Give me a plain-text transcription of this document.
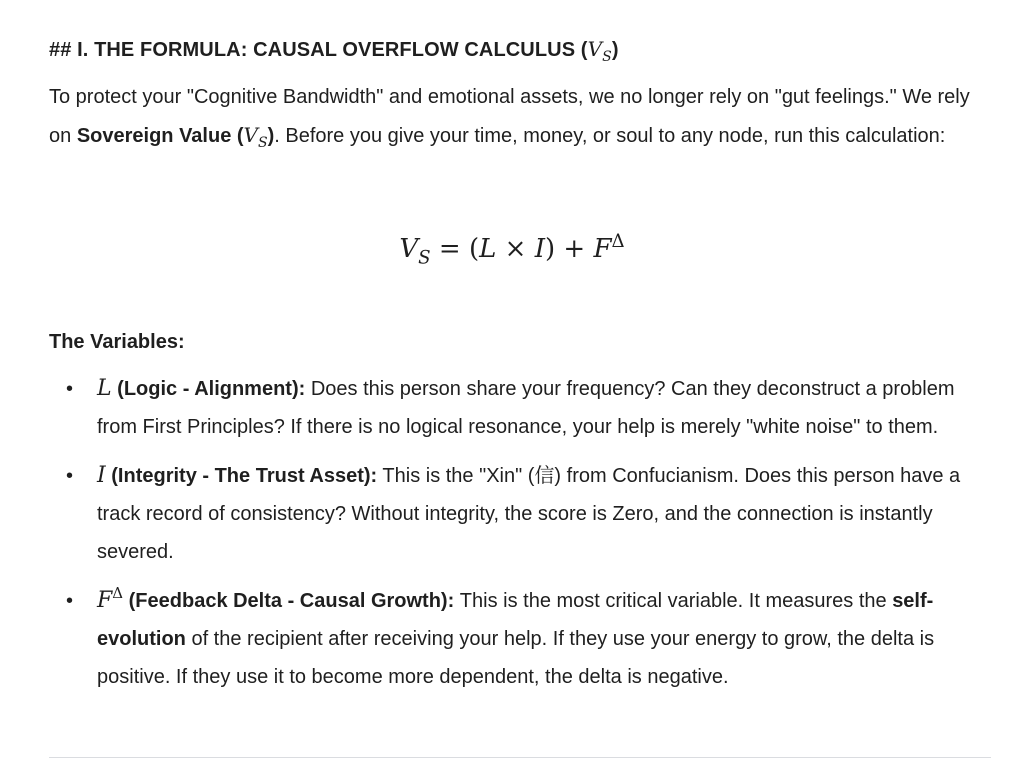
## I. THE FORMULA: CAUSAL OVERFLOW CALCULUS $(V_S)$
To protect your "Cognitive Bandwidth" and emotional assets, we no longer rely on "gut feelings." We rely on Sovereign Value $(V_S)$. Before you give your time, money, or soul to any node, run this calculation:
$V_S = (L \times I) + F^\Delta$
The Variables:
• L (Logic - Alignment): Does this person share your frequency? Can they deconstruct a problem from First Principles? If there is no logical resonance, your help is merely "white noise" to them.
• I (Integrity - The Trust Asset): This is the "Xin" (信) from Confucianism. Does this person have a track record of consistency? Without integrity, the score is Zero, and the connection is instantly severed.
• $F^\Delta$ (Feedback Delta - Causal Growth): This is the most critical variable. It measures the self-evolution of the recipient after receiving your help. If they use your energy to grow, the delta is positive. If they use it to become more dependent, the delta is negative.
